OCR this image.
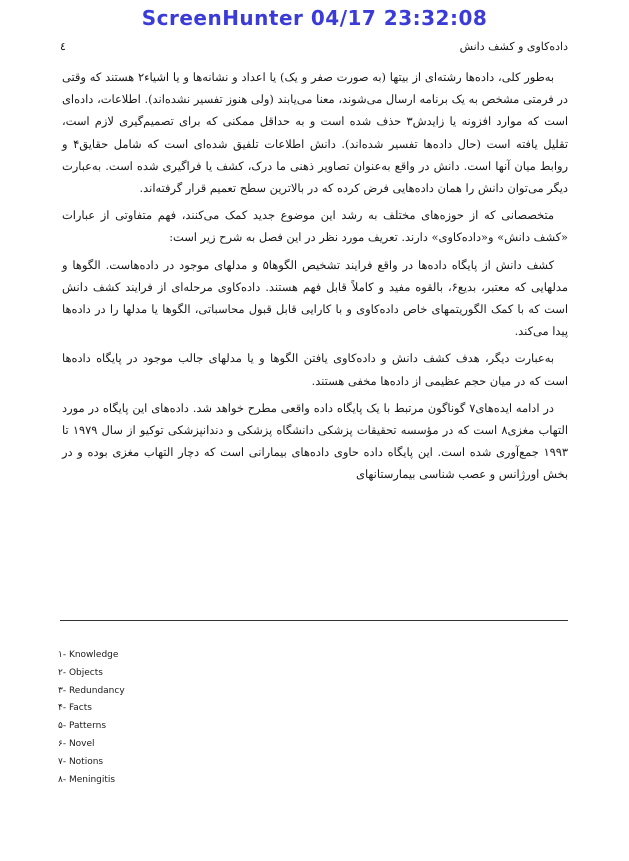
ScreenHunter 04/17 23:32:08
٤	داده‌کاوی و کشف دانش

به‌طور کلی، داده‌ها رشته‌ای از بیتها (به صورت صفر و یک) یا اعداد و نشانه‌ها و یا اشیاء۲ هستند که وقتی در فرمتی مشخص به یک برنامه ارسال می‌شوند، معنا می‌یابند (ولی هنوز تفسیر نشده‌اند). اطلاعات، داده‌ای است که موارد افزونه یا زایدش۳ حذف شده است و به حداقل ممکنی که برای تصمیم‌گیری لازم است، تقلیل یافته است (حال داده‌ها تفسیر شده‌اند). دانش اطلاعات تلفیق شده‌ای است که شامل حقایق۴ و روابط میان آنها است. دانش در واقع به‌عنوان تصاویر ذهنی ما درک، کشف یا فراگیری شده است. به‌عبارت دیگر می‌توان دانش را همان داده‌هایی فرض کرده که در بالاترین سطح تعمیم قرار گرفته‌اند.

متخصصانی که از حوزه‌های مختلف به رشد این موضوع جدید کمک می‌کنند، فهم متفاوتی از عبارات «کشف دانش» و«داده‌کاوی» دارند. تعریف مورد نظر در این فصل به شرح زیر است:

کشف دانش از پایگاه داده‌ها در واقع فرایند تشخیص الگوها۵ و مدلهای موجود در داده‌هاست. الگوها و مدلهایی که معتبر، بدیع۶، بالقوه مفید و کاملاً قابل فهم هستند. داده‌کاوی مرحله‌ای از فرایند کشف دانش است که با کمک الگوریتمهای خاص داده‌کاوی و با کارایی قابل قبول محاسباتی، الگوها یا مدلها را در داده‌ها پیدا می‌کند.

به‌عبارت دیگر، هدف کشف دانش و داده‌کاوی یافتن الگوها و یا مدلهای جالب موجود در پایگاه داده‌ها است که در میان حجم عظیمی از داده‌ها مخفی هستند.

در ادامه ایده‌های۷ گوناگون مرتبط با یک پایگاه داده واقعی مطرح خواهد شد. داده‌های این پایگاه در مورد التهاب مغزی۸ است که در مؤسسه تحقیقات پزشکی دانشگاه پزشکی و دندانپزشکی توکیو از سال ۱۹۷۹ تا ۱۹۹۳ جمع‌آوری شده است. این پایگاه داده حاوی داده‌های بیمارانی است که دچار التهاب مغزی بوده و در بخش اورژانس و عصب شناسی بیمارستانهای

۱- Knowledge
۲- Objects
۳- Redundancy
۴- Facts
۵- Patterns
۶- Novel
۷- Notions
۸- Meningitis
